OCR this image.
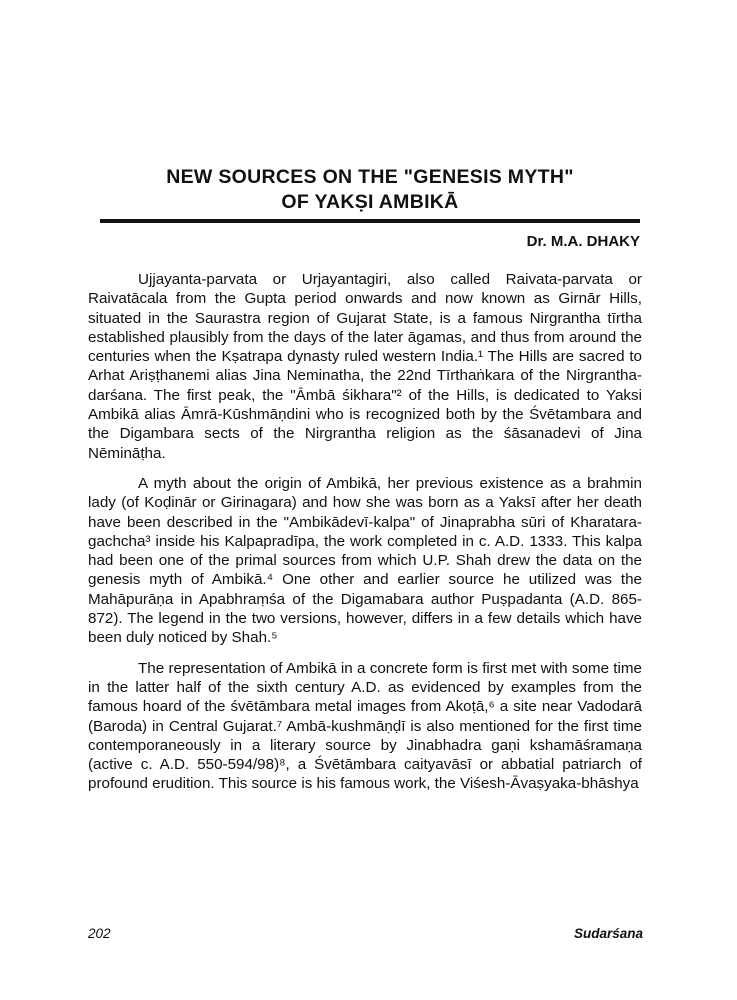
NEW SOURCES ON THE "GENESIS MYTH"
OF YAKṢI AMBIKĀ
Dr. M.A. DHAKY

Ujjayanta-parvata or Urjayantagiri, also called Raivata-parvata or Raivatācala from the Gupta period onwards and now known as Girnār Hills, situated in the Saurastra region of Gujarat State, is a famous Nirgrantha tīrtha established plausibly from the days of the later āgamas, and thus from around the centuries when the Kṣatrapa dynasty ruled western India.¹ The Hills are sacred to Arhat Ariṣṭhanemi alias Jina Neminatha, the 22nd Tīrthaṅkara of the Nirgrantha-darśana. The first peak, the "Āmbā śikhara"² of the Hills, is dedicated to Yaksi Ambikā alias Āmrā-Kūshmāṇdini who is recognized both by the Śvētambara and the Digambara sects of the Nirgrantha religion as the śāsanadevi of Jina Nēmināṭha.

A myth about the origin of Ambikā, her previous existence as a brahmin lady (of Koḍinār or Girinagara) and how she was born as a Yaksī after her death have been described in the "Ambikādevī-kalpa" of Jinaprabha sūri of Kharatara-gachcha³ inside his Kalpapradīpa, the work completed in c. A.D. 1333. This kalpa had been one of the primal sources from which U.P. Shah drew the data on the genesis myth of Ambikā.⁴ One other and earlier source he utilized was the Mahāpurāṇa in Apabhraṃśa of the Digamabara author Puṣpadanta (A.D. 865-872). The legend in the two versions, however, differs in a few details which have been duly noticed by Shah.⁵

The representation of Ambikā in a concrete form is first met with some time in the latter half of the sixth century A.D. as evidenced by examples from the famous hoard of the śvētāmbara metal images from Akoṭā,⁶ a site near Vadodarā (Baroda) in Central Gujarat.⁷ Ambā-kushmāṇḍī is also mentioned for the first time contemporaneously in a literary source by Jinabhadra gaṇi kshamāśramaṇa (active c. A.D. 550-594/98)⁸, a Śvētāmbara caityavāsī or abbatial patriarch of profound erudition. This source is his famous work, the Viśesh-Āvaṣyaka-bhāshya

202	Sudarśana
